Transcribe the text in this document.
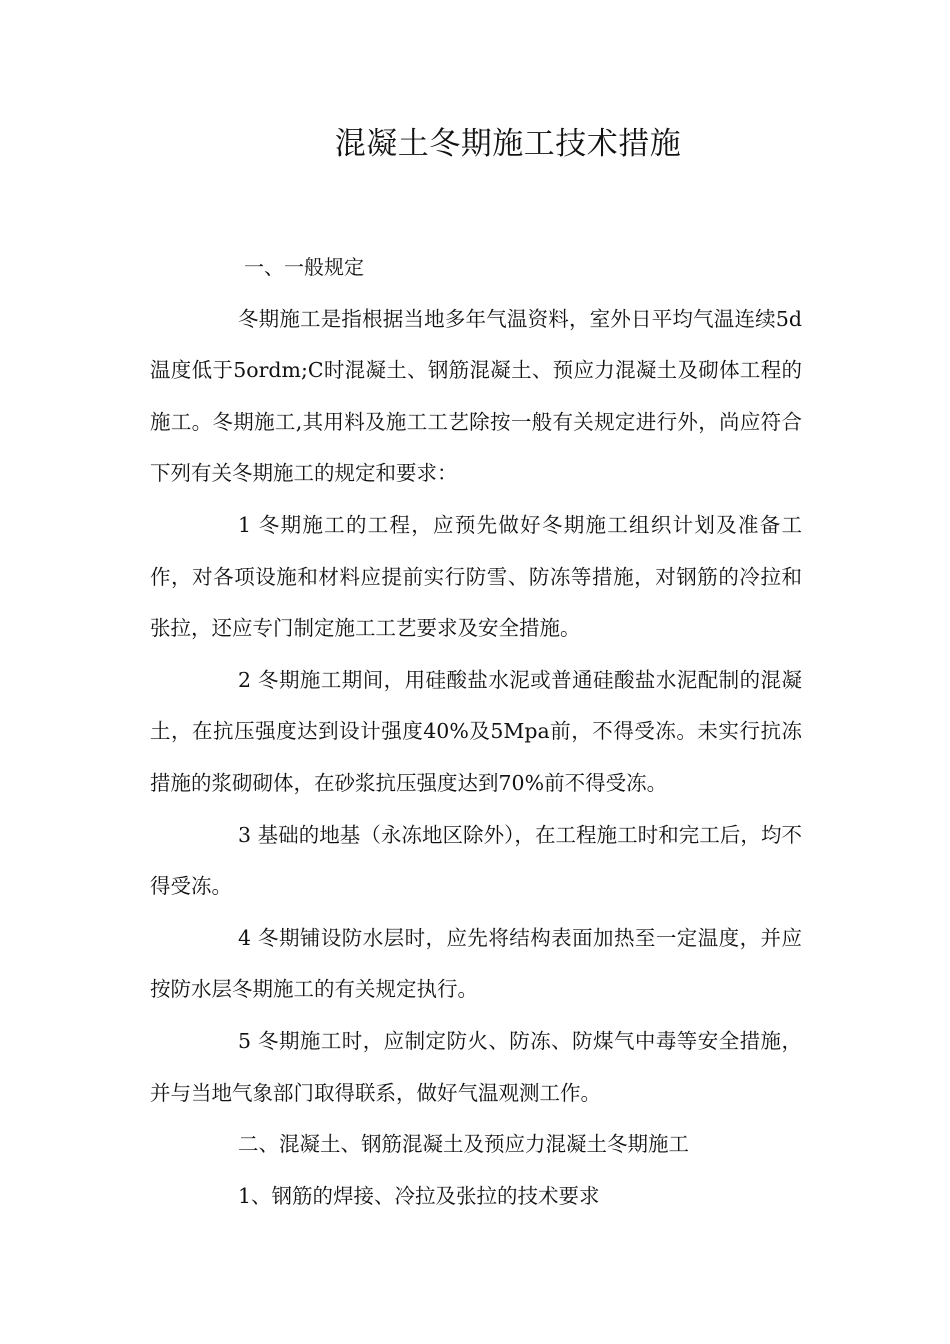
混凝土冬期施工技术措施

一、一般规定

冬期施工是指根据当地多年气温资料，室外日平均气温连续5d温度低于5ordm;C时混凝土、钢筋混凝土、预应力混凝土及砌体工程的施工。冬期施工,其用料及施工工艺除按一般有关规定进行外，尚应符合下列有关冬期施工的规定和要求：

1 冬期施工的工程，应预先做好冬期施工组织计划及准备工作，对各项设施和材料应提前实行防雪、防冻等措施，对钢筋的冷拉和张拉，还应专门制定施工工艺要求及安全措施。

2 冬期施工期间，用硅酸盐水泥或普通硅酸盐水泥配制的混凝土，在抗压强度达到设计强度40%及5Mpa前，不得受冻。未实行抗冻措施的浆砌砌体，在砂浆抗压强度达到70%前不得受冻。

3 基础的地基（永冻地区除外），在工程施工时和完工后，均不得受冻。

4 冬期铺设防水层时，应先将结构表面加热至一定温度，并应按防水层冬期施工的有关规定执行。

5 冬期施工时，应制定防火、防冻、防煤气中毒等安全措施，并与当地气象部门取得联系，做好气温观测工作。

二、混凝土、钢筋混凝土及预应力混凝土冬期施工

1、钢筋的焊接、冷拉及张拉的技术要求
